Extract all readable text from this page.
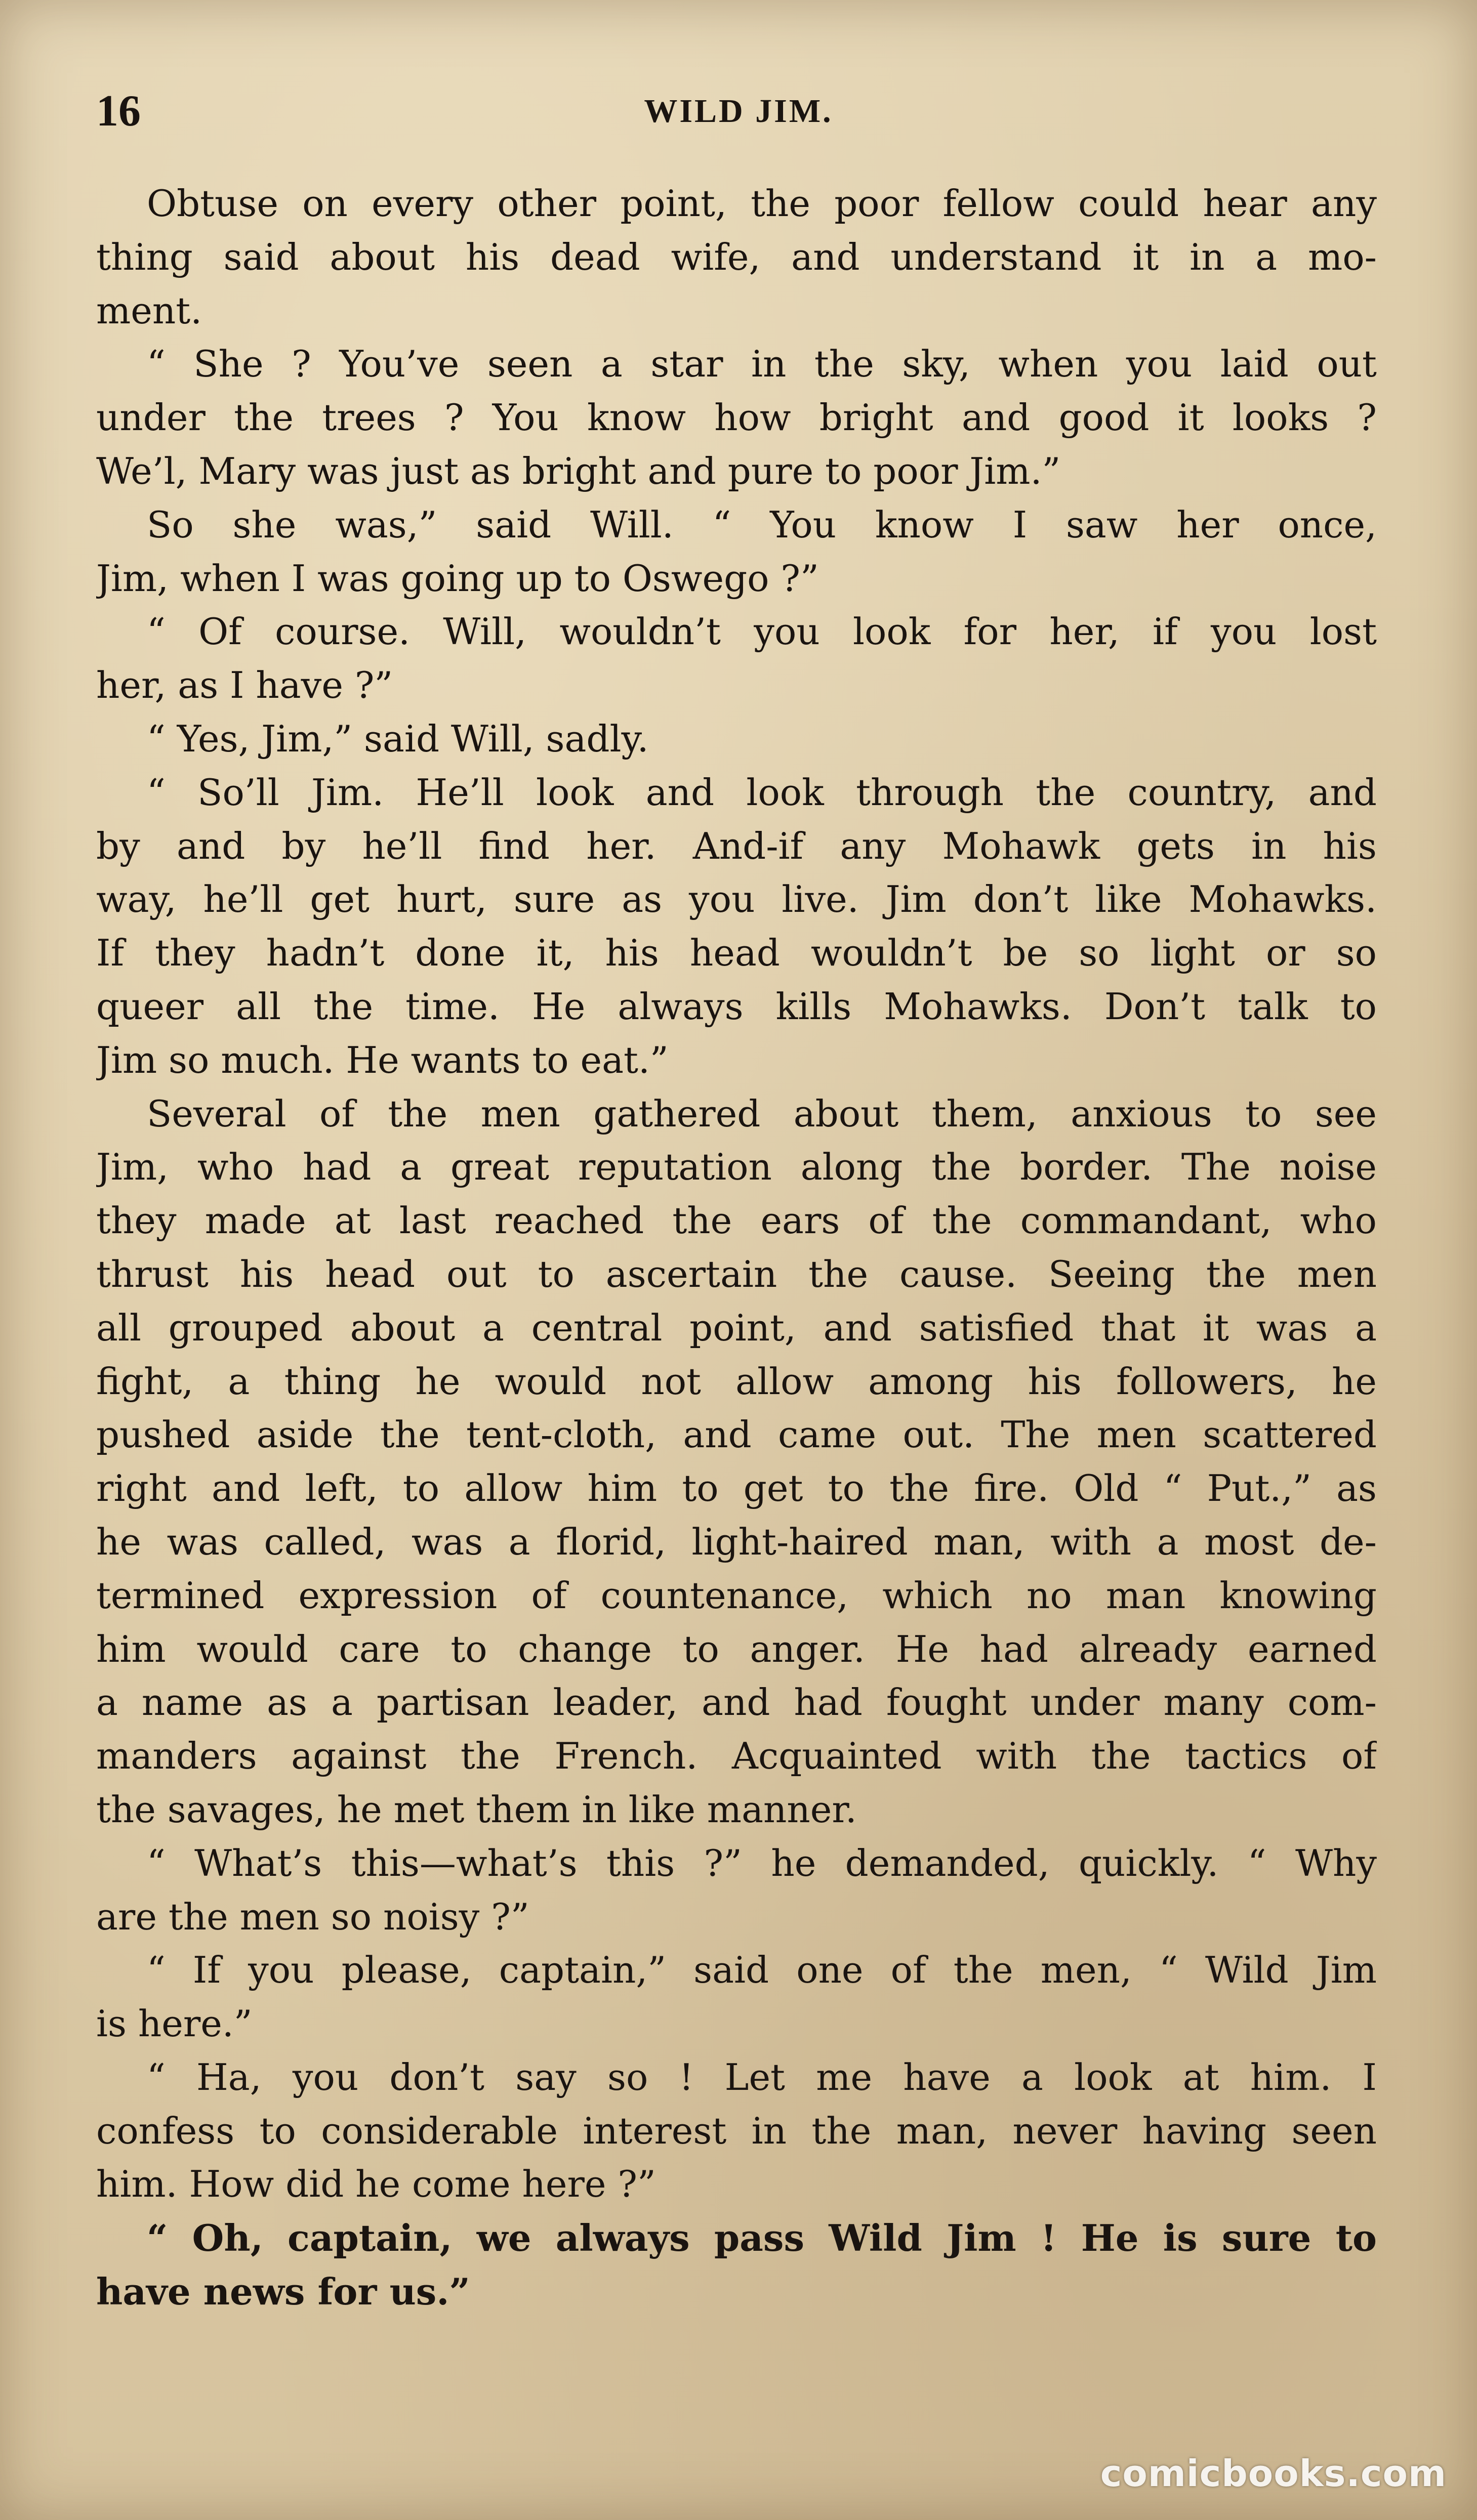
16	WILD JIM.
Obtuse on every other point, the poor fellow could hear any
thing said about his dead wife, and understand it in a mo-
ment.
“ She ? You’ve seen a star in the sky, when you laid out
under the trees ? You know how bright and good it looks ?
We’l, Mary was just as bright and pure to poor Jim.”
So she was,” said Will. “ You know I saw her once,
Jim, when I was going up to Oswego ?”
“ Of course. Will, wouldn’t you look for her, if you lost
her, as I have ?”
“ Yes, Jim,” said Will, sadly.
“ So’ll Jim. He’ll look and look through the country, and
by and by he’ll find her. And-if any Mohawk gets in his
way, he’ll get hurt, sure as you live. Jim don’t like Mohawks.
If they hadn’t done it, his head wouldn’t be so light or so
queer all the time. He always kills Mohawks. Don’t talk to
Jim so much. He wants to eat.”
Several of the men gathered about them, anxious to see
Jim, who had a great reputation along the border. The noise
they made at last reached the ears of the commandant, who
thrust his head out to ascertain the cause. Seeing the men
all grouped about a central point, and satisfied that it was a
fight, a thing he would not allow among his followers, he
pushed aside the tent-cloth, and came out. The men scattered
right and left, to allow him to get to the fire. Old “ Put.,” as
he was called, was a florid, light-haired man, with a most de-
termined expression of countenance, which no man knowing
him would care to change to anger. He had already earned
a name as a partisan leader, and had fought under many com-
manders against the French. Acquainted with the tactics of
the savages, he met them in like manner.
“ What’s this—what’s this ?” he demanded, quickly. “ Why
are the men so noisy ?”
“ If you please, captain,” said one of the men, “ Wild Jim
is here.”
“ Ha, you don’t say so ! Let me have a look at him. I
confess to considerable interest in the man, never having seen
him. How did he come here ?”
“ Oh, captain, we always pass Wild Jim ! He is sure to
have news for us.”
comicbooks.com
